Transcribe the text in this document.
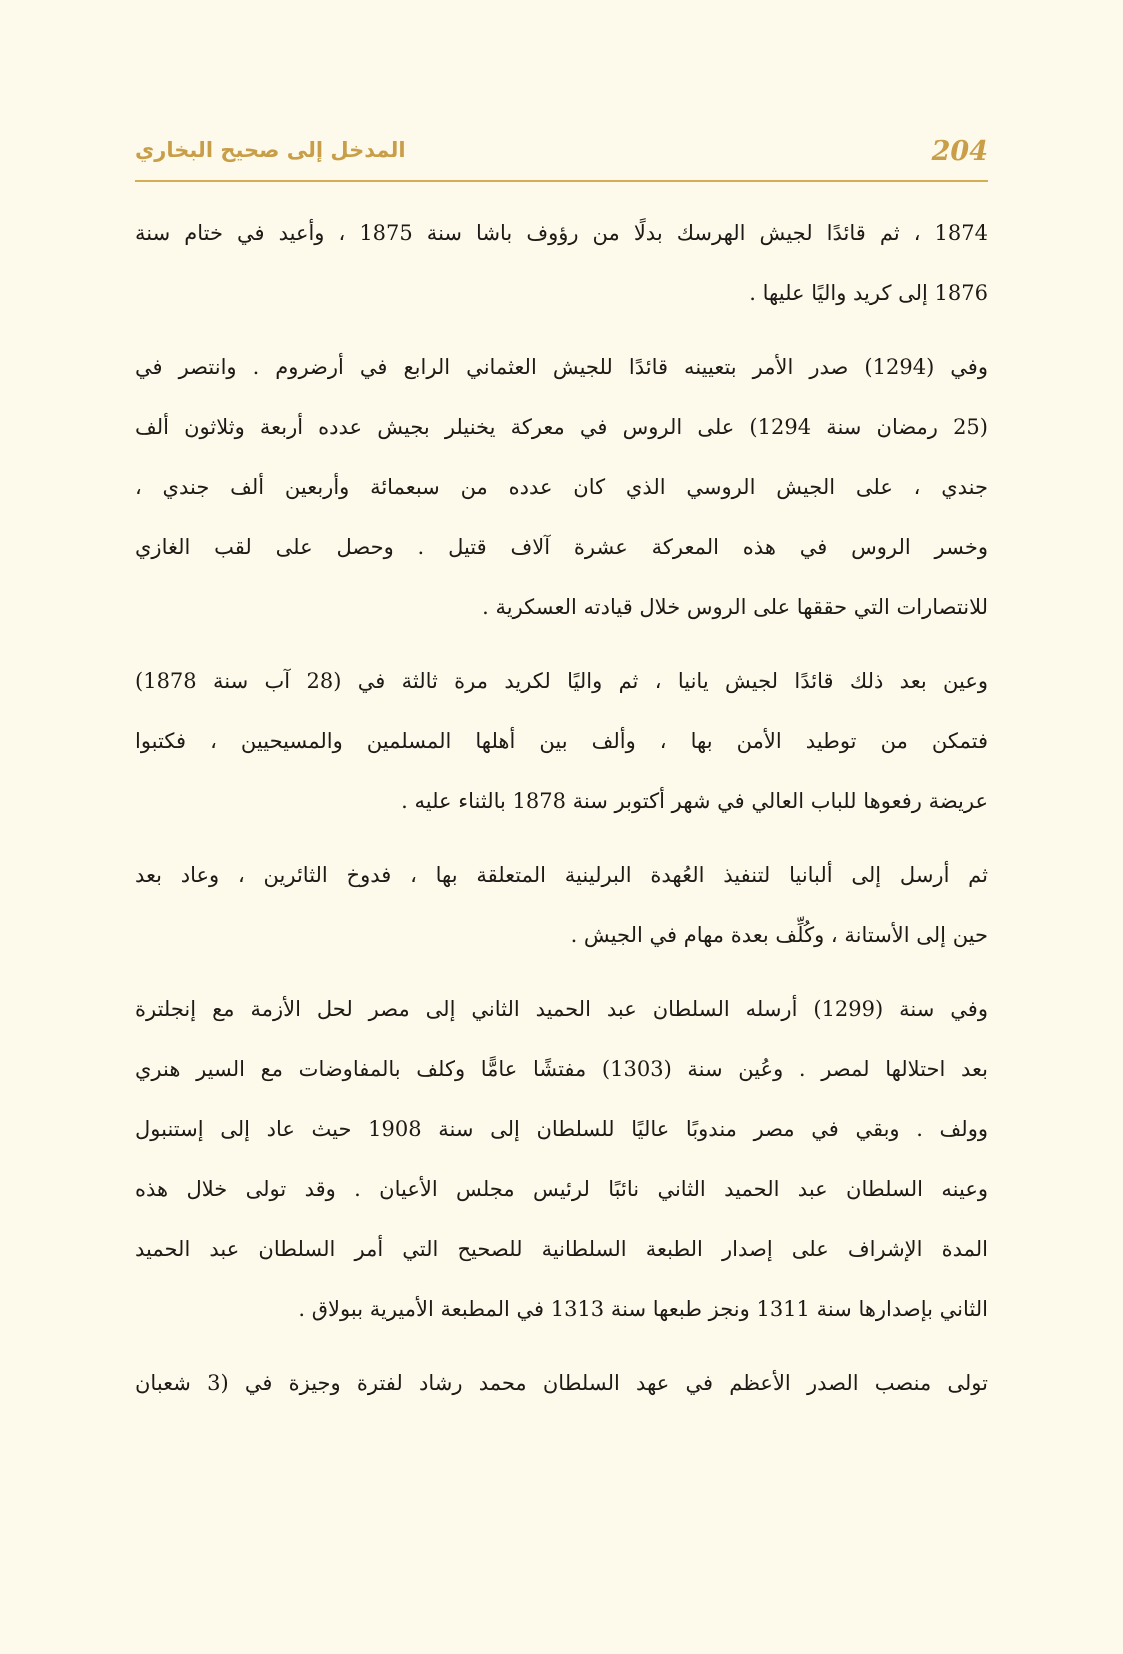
204
المدخل إلى صحيح البخاري
1874 ، ثم قائدًا لجيش الهرسك بدلًا من رؤوف باشا سنة 1875 ، وأعيد في ختام سنة
1876 إلى كريد واليًا عليها .
وفي (1294) صدر الأمر بتعيينه قائدًا للجيش العثماني الرابع في أرضروم . وانتصر في
(25 رمضان سنة 1294) على الروس في معركة يخنيلر بجيش عدده أربعة وثلاثون ألف
جندي ، على الجيش الروسي الذي كان عدده من سبعمائة وأربعين ألف جندي ،
وخسر الروس في هذه المعركة عشرة آلاف قتيل . وحصل على لقب الغازي
للانتصارات التي حققها على الروس خلال قيادته العسكرية .
وعين بعد ذلك قائدًا لجيش يانيا ، ثم واليًا لكريد مرة ثالثة في (28 آب سنة 1878)
فتمكن من توطيد الأمن بها ، وألف بين أهلها المسلمين والمسيحيين ، فكتبوا
عريضة رفعوها للباب العالي في شهر أكتوبر سنة 1878 بالثناء عليه .
ثم أرسل إلى ألبانيا لتنفيذ العُهدة البرلينية المتعلقة بها ، فدوخ الثائرين ، وعاد بعد
حين إلى الأستانة ، وكُلِّف بعدة مهام في الجيش .
وفي سنة (1299) أرسله السلطان عبد الحميد الثاني إلى مصر لحل الأزمة مع إنجلترة
بعد احتلالها لمصر . وعُين سنة (1303) مفتشًا عامًّا وكلف بالمفاوضات مع السير هنري
وولف . وبقي في مصر مندوبًا عاليًا للسلطان إلى سنة 1908 حيث عاد إلى إستنبول
وعينه السلطان عبد الحميد الثاني نائبًا لرئيس مجلس الأعيان . وقد تولى خلال هذه
المدة الإشراف على إصدار الطبعة السلطانية للصحيح التي أمر السلطان عبد الحميد
الثاني بإصدارها سنة 1311 ونجز طبعها سنة 1313 في المطبعة الأميرية ببولاق .
تولى منصب الصدر الأعظم في عهد السلطان محمد رشاد لفترة وجيزة في (3 شعبان
